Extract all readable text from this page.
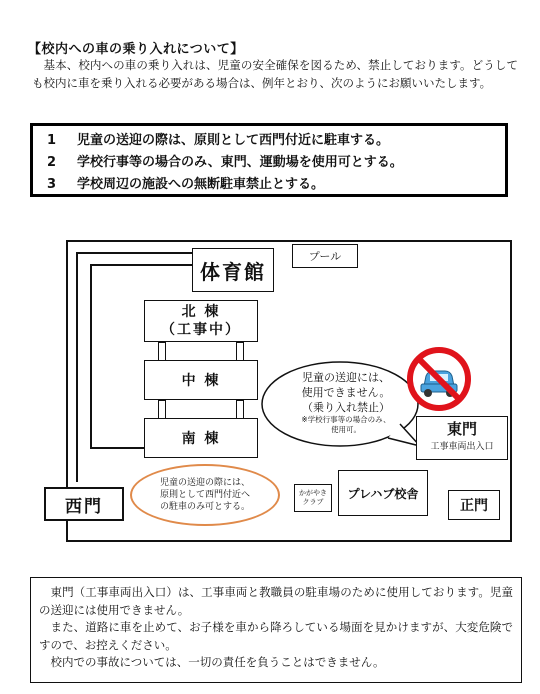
【校内への車の乗り入れについて】
基本、校内への車の乗り入れは、児童の安全確保を図るため、禁止しております。どうしても校内に車を乗り入れる必要がある場合は、例年とおり、次のようにお願いいたします。
1 児童の送迎の際は、原則として西門付近に駐車する。
2 学校行事等の場合のみ、東門、運動場を使用可とする。
3 学校周辺の施設への無断駐車禁止とする。
体育館
プール
北 棟
（工事中）
中 棟
南 棟
児童の送迎には、
使用できません。
（乗り入れ禁止）
※学校行事等の場合のみ、
使用可。	東門
工事車両出入口
児童の送迎の際には、
原則として西門付近へ
の駐車のみ可とする。
かがやき
クラブ
プレハブ校舎
正門
西門

東門（工事車両出入口）は、工事車両と教職員の駐車場のために使用しております。児童の送迎には使用できません。

また、道路に車を止めて、お子様を車から降ろしている場面を見かけますが、大変危険ですので、お控えください。

校内での事故については、一切の責任を負うことはできません。
